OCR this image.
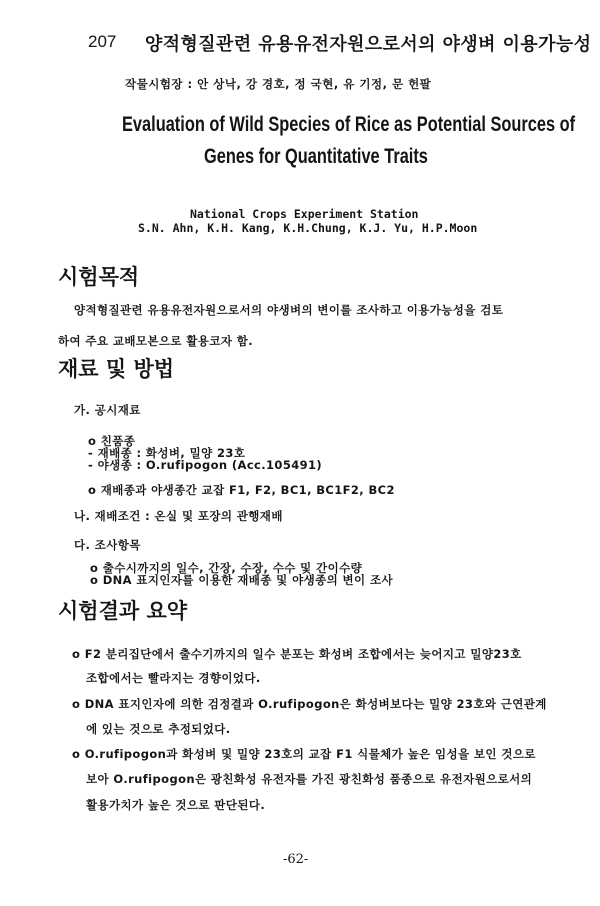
207 양적형질관련 유용유전자원으로서의 야생벼 이용가능성
작물시험장 : 안 상낙, 강 경호, 정 국현, 유 기정, 문 헌팔
Evaluation of Wild Species of Rice as Potential Sources of
Genes for Quantitative Traits
National Crops Experiment Station
S.N. Ahn, K.H. Kang, K.H.Chung, K.J. Yu, H.P.Moon
시험목적
양적형질관련 유용유전자원으로서의 야생벼의 변이를 조사하고 이용가능성을 검토
하여 주요 교배모본으로 활용코자 함.
재료 및 방법
가. 공시재료
o 친품종
- 재배종 : 화성벼, 밀양 23호
- 야생종 : O.rufipogon (Acc.105491)
o 재배종과 야생종간 교잡 F1, F2, BC1, BC1F2, BC2
나. 재배조건 : 온실 및 포장의 관행재배
다. 조사항목
o 출수시까지의 일수, 간장, 수장, 수수 및 간이수량
o DNA 표지인자를 이용한 재배종 및 야생종의 변이 조사
시험결과 요약
o F2 분리집단에서 출수기까지의 일수 분포는 화성벼 조합에서는 늦어지고 밀양23호
조합에서는 빨라지는 경향이었다.
o DNA 표지인자에 의한 검정결과 O.rufipogon은 화성벼보다는 밀양 23호와 근연관계
에 있는 것으로 추정되었다.
o O.rufipogon과 화성벼 및 밀양 23호의 교잡 F1 식물체가 높은 임성을 보인 것으로
보아 O.rufipogon은 광친화성 유전자를 가진 광친화성 품종으로 유전자원으로서의
활용가치가 높은 것으로 판단된다.
-62-
